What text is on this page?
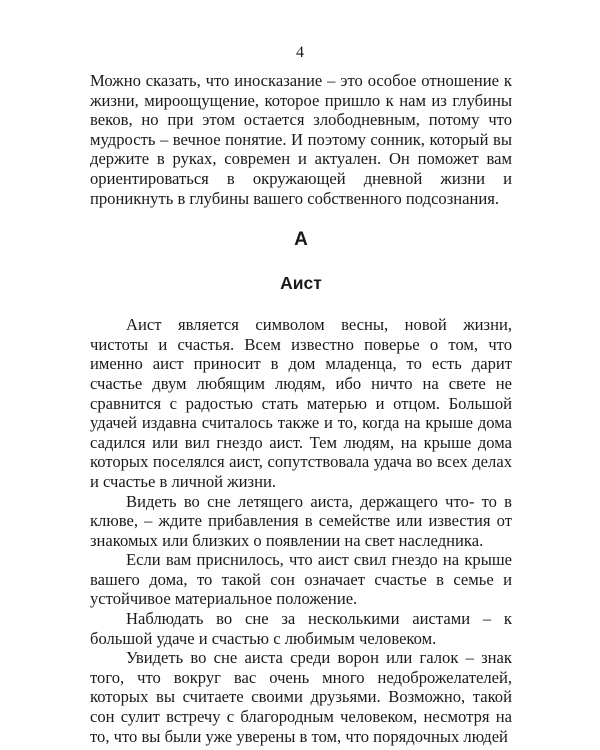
4

Можно сказать, что иносказание – это особое отношение к жизни, мироощущение, которое пришло к нам из глубины веков, но при этом остается злободневным, потому что мудрость – вечное понятие. И поэтому сонник, который вы держите в руках, современ и актуален. Он поможет вам ориентироваться в окружающей дневной жизни и проникнуть в глубины вашего собственного подсознания.

А
Аист

Аист является символом весны, новой жизни, чистоты и счастья. Всем известно поверье о том, что именно аист приносит в дом младенца, то есть дарит счастье двум любящим людям, ибо ничто на свете не сравнится с радостью стать матерью и отцом. Большой удачей издавна считалось также и то, когда на крыше дома садился или вил гнездо аист. Тем людям, на крыше дома которых поселялся аист, сопутствовала удача во всех делах и счастье в личной жизни.

Видеть во сне летящего аиста, держащего что- то в клюве, – ждите прибавления в семействе или известия от знакомых или близких о появлении на свет наследника.

Если вам приснилось, что аист свил гнездо на крыше вашего дома, то такой сон означает счастье в семье и устойчивое материальное положение.

Наблюдать во сне за несколькими аистами – к большой удаче и счастью с любимым человеком.

Увидеть во сне аиста среди ворон или галок – знак того, что вокруг вас очень много недоброжелателей, которых вы считаете своими друзьями. Возможно, такой сон сулит встречу с благородным человеком, несмотря на то, что вы были уже уверены в том, что порядочных людей
